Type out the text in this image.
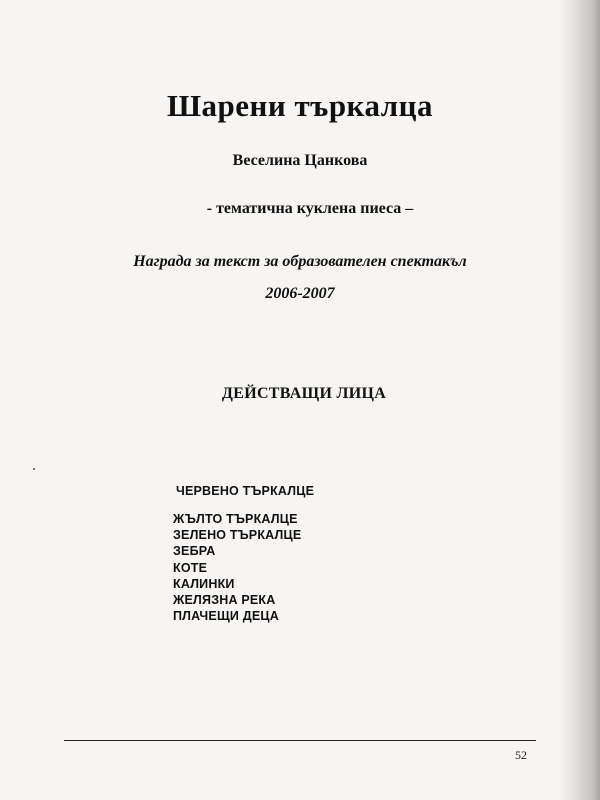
Шарени търкалца
Веселина Цанкова
- тематична куклена пиеса –
Награда за текст за образователен спектакъл
2006-2007
ДЕЙСТВАЩИ ЛИЦА
ЧЕРВЕНО ТЪРКАЛЦЕ
ЖЪЛТО ТЪРКАЛЦЕ
ЗЕЛЕНО ТЪРКАЛЦЕ
ЗЕБРА
КОТЕ
КАЛИНКИ
ЖЕЛЯЗНА РЕКА
ПЛАЧЕЩИ ДЕЦА
52
